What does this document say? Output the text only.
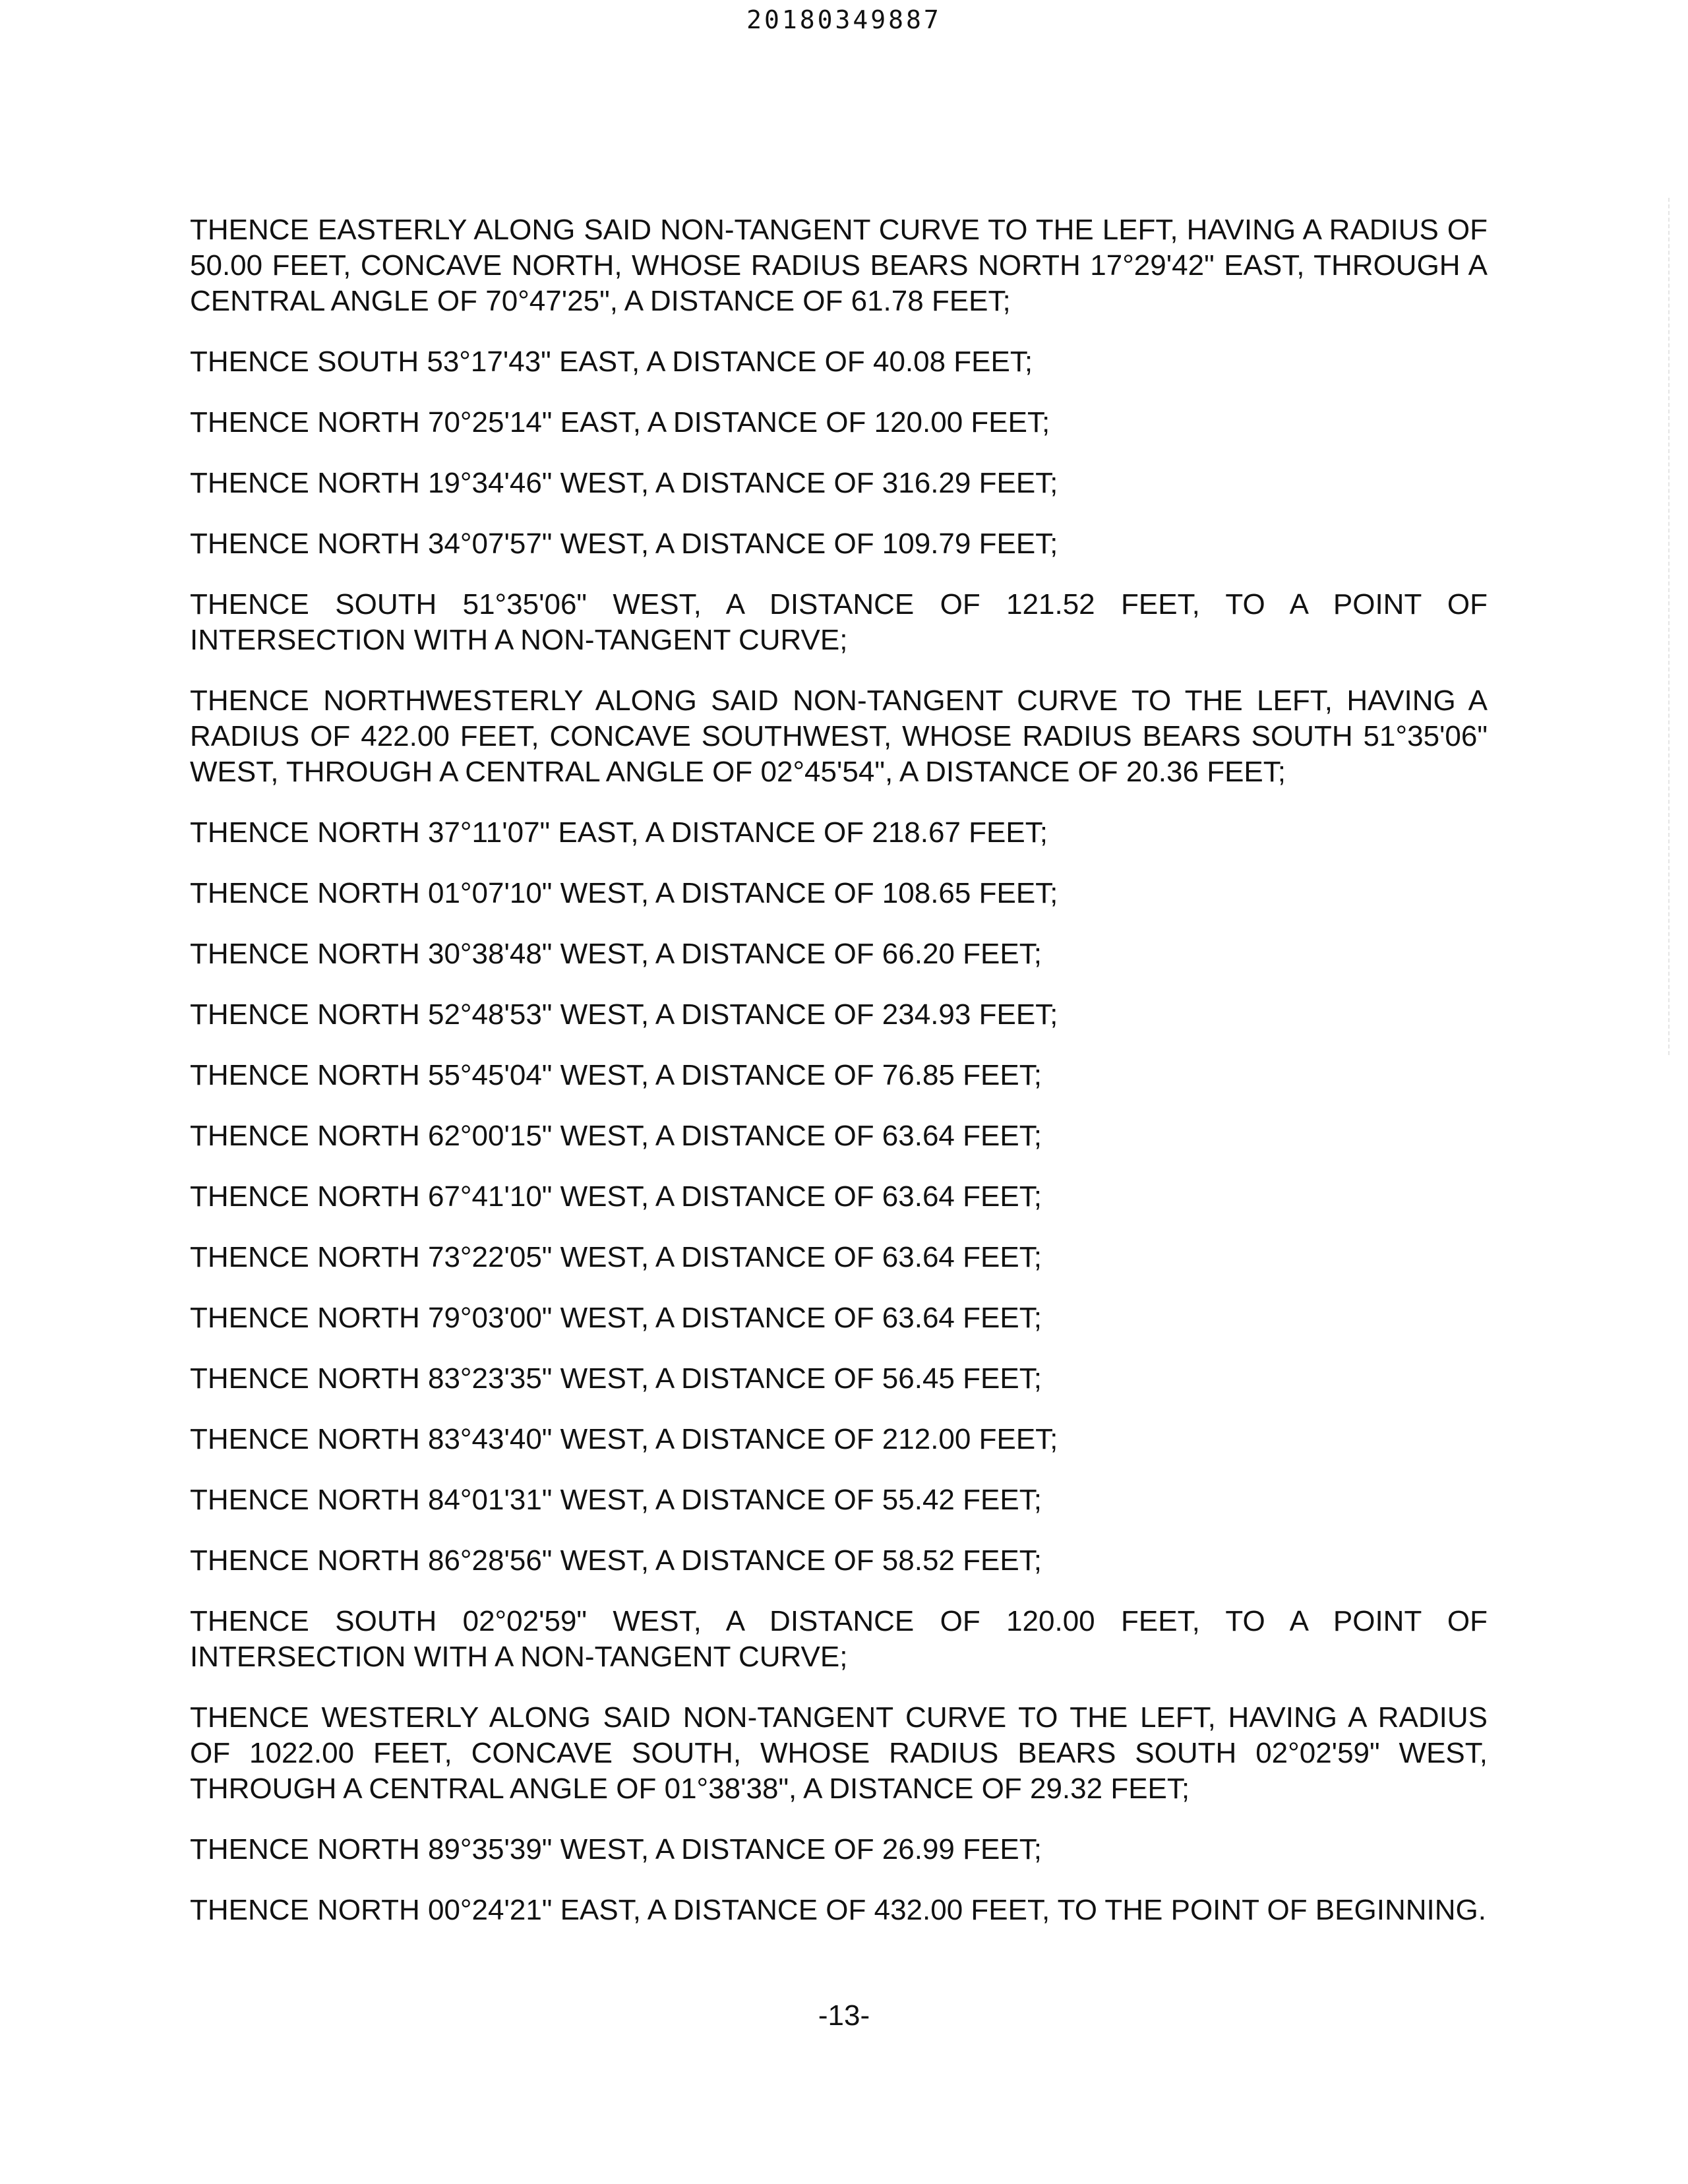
20180349887

THENCE EASTERLY ALONG SAID NON-TANGENT CURVE TO THE LEFT, HAVING A RADIUS OF 50.00 FEET, CONCAVE NORTH, WHOSE RADIUS BEARS NORTH 17°29'42" EAST, THROUGH A CENTRAL ANGLE OF 70°47'25", A DISTANCE OF 61.78 FEET;

THENCE SOUTH 53°17'43" EAST, A DISTANCE OF 40.08 FEET;

THENCE NORTH 70°25'14" EAST, A DISTANCE OF 120.00 FEET;

THENCE NORTH 19°34'46" WEST, A DISTANCE OF 316.29 FEET;

THENCE NORTH 34°07'57" WEST, A DISTANCE OF 109.79 FEET;

THENCE SOUTH 51°35'06" WEST, A DISTANCE OF 121.52 FEET, TO A POINT OF INTERSECTION WITH A NON-TANGENT CURVE;

THENCE NORTHWESTERLY ALONG SAID NON-TANGENT CURVE TO THE LEFT, HAVING A RADIUS OF 422.00 FEET, CONCAVE SOUTHWEST, WHOSE RADIUS BEARS SOUTH 51°35'06" WEST, THROUGH A CENTRAL ANGLE OF 02°45'54", A DISTANCE OF 20.36 FEET;

THENCE NORTH 37°11'07" EAST, A DISTANCE OF 218.67 FEET;

THENCE NORTH 01°07'10" WEST, A DISTANCE OF 108.65 FEET;

THENCE NORTH 30°38'48" WEST, A DISTANCE OF 66.20 FEET;

THENCE NORTH 52°48'53" WEST, A DISTANCE OF 234.93 FEET;

THENCE NORTH 55°45'04" WEST, A DISTANCE OF 76.85 FEET;

THENCE NORTH 62°00'15" WEST, A DISTANCE OF 63.64 FEET;

THENCE NORTH 67°41'10" WEST, A DISTANCE OF 63.64 FEET;

THENCE NORTH 73°22'05" WEST, A DISTANCE OF 63.64 FEET;

THENCE NORTH 79°03'00" WEST, A DISTANCE OF 63.64 FEET;

THENCE NORTH 83°23'35" WEST, A DISTANCE OF 56.45 FEET;

THENCE NORTH 83°43'40" WEST, A DISTANCE OF 212.00 FEET;

THENCE NORTH 84°01'31" WEST, A DISTANCE OF 55.42 FEET;

THENCE NORTH 86°28'56" WEST, A DISTANCE OF 58.52 FEET;

THENCE SOUTH 02°02'59" WEST, A DISTANCE OF 120.00 FEET, TO A POINT OF INTERSECTION WITH A NON-TANGENT CURVE;

THENCE WESTERLY ALONG SAID NON-TANGENT CURVE TO THE LEFT, HAVING A RADIUS OF 1022.00 FEET, CONCAVE SOUTH, WHOSE RADIUS BEARS SOUTH 02°02'59" WEST, THROUGH A CENTRAL ANGLE OF 01°38'38", A DISTANCE OF 29.32 FEET;

THENCE NORTH 89°35'39" WEST, A DISTANCE OF 26.99 FEET;

THENCE NORTH 00°24'21" EAST, A DISTANCE OF 432.00 FEET, TO THE POINT OF BEGINNING.

-13-
